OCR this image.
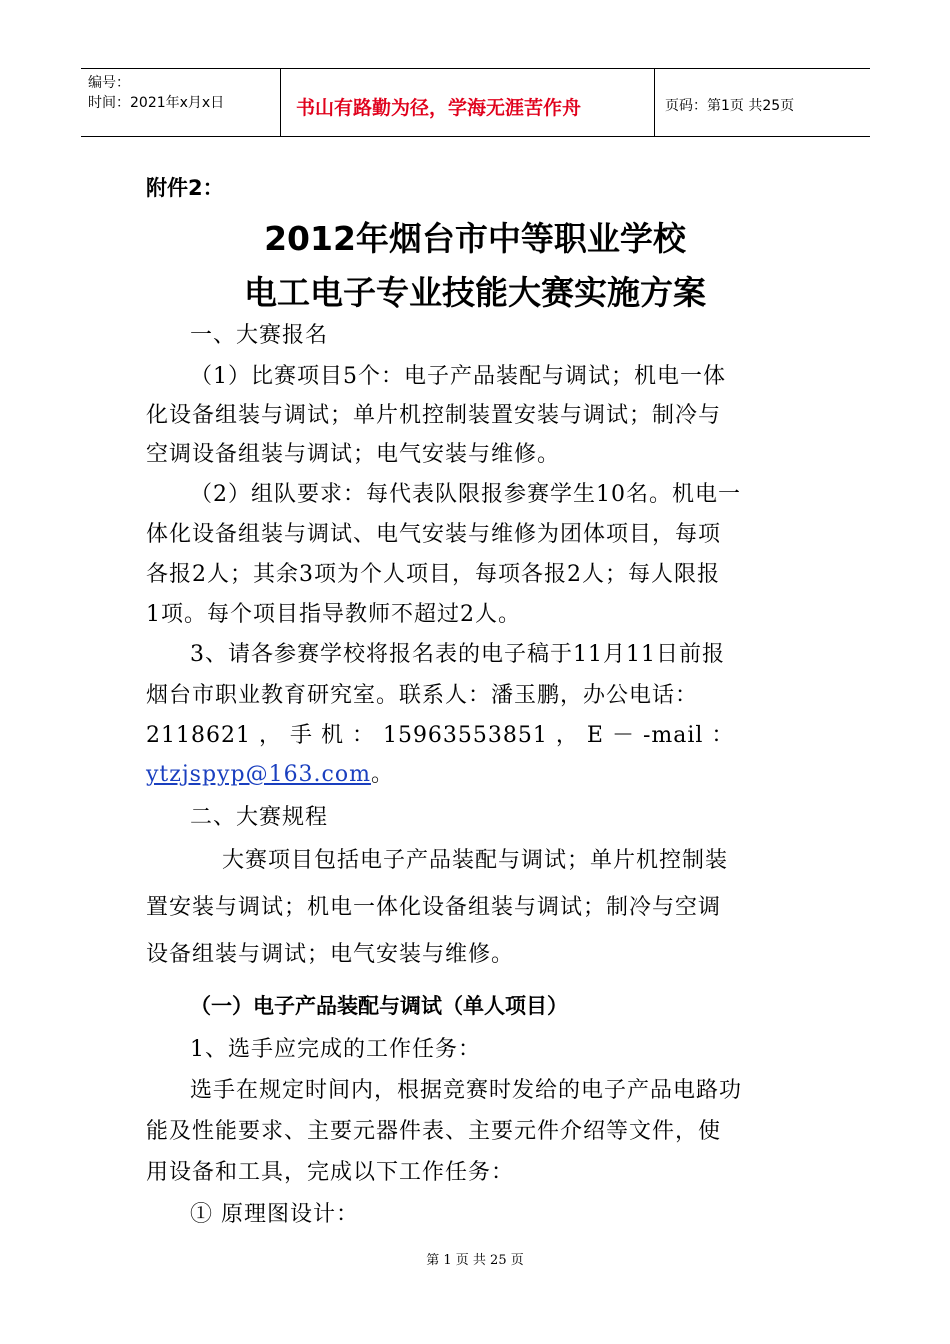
编号：
时间：2021年x月x日	书山有路勤为径，学海无涯苦作舟	页码：第1页 共25页
附件2：
2012年烟台市中等职业学校
电工电子专业技能大赛实施方案
一、大赛报名
（1）比赛项目5个：电子产品装配与调试；机电一体
化设备组装与调试；单片机控制装置安装与调试；制冷与
空调设备组装与调试；电气安装与维修。
（2）组队要求：每代表队限报参赛学生10名。机电一
体化设备组装与调试、电气安装与维修为团体项目，每项
各报2人；其余3项为个人项目，每项各报2人；每人限报
1项。每个项目指导教师不超过2人。
3、请各参赛学校将报名表的电子稿于11月11日前报
烟台市职业教育研究室。联系人：潘玉鹏，办公电话：
2118621 ， 手 机 ： 15963553851 ， E － -mail ：
ytzjspyp@163.com。
二、大赛规程
大赛项目包括电子产品装配与调试；单片机控制装
置安装与调试；机电一体化设备组装与调试；制冷与空调
设备组装与调试；电气安装与维修。
（一）电子产品装配与调试（单人项目）
1、选手应完成的工作任务：
选手在规定时间内，根据竞赛时发给的电子产品电路功
能及性能要求、主要元器件表、主要元件介绍等文件，使
用设备和工具，完成以下工作任务：
① 原理图设计：
第 1 页 共 25 页
